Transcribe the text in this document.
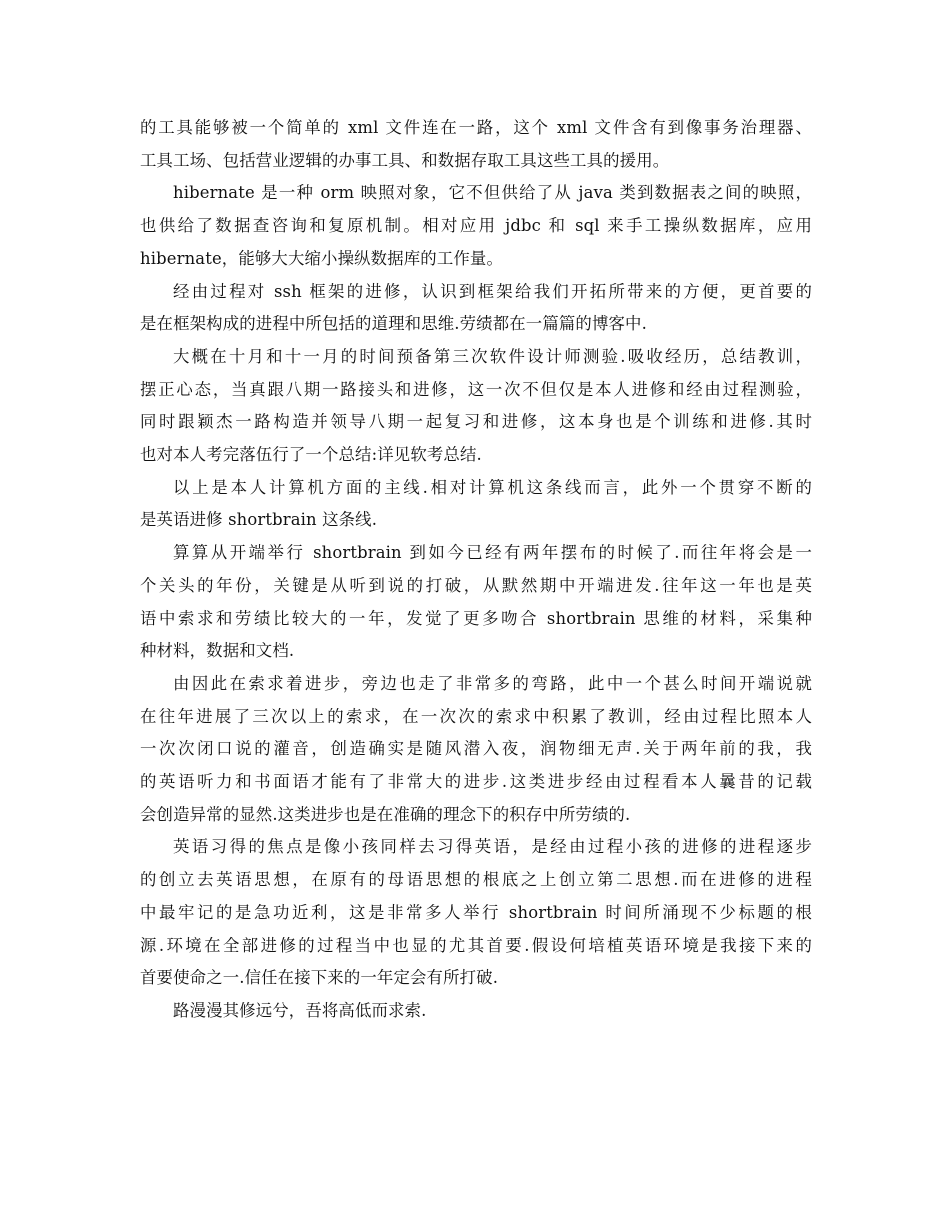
的工具能够被一个简单的 xml 文件连在一路，这个 xml 文件含有到像事务治理器、
工具工场、包括营业逻辑的办事工具、和数据存取工具这些工具的援用。
hibernate 是一种 orm 映照对象，它不但供给了从 java 类到数据表之间的映照，
也供给了数据查咨询和复原机制。相对应用 jdbc 和 sql 来手工操纵数据库，应用
hibernate，能够大大缩小操纵数据库的工作量。
经由过程对 ssh 框架的进修，认识到框架给我们开拓所带来的方便，更首要的
是在框架构成的进程中所包括的道理和思维.劳绩都在一篇篇的博客中.
大概在十月和十一月的时间预备第三次软件设计师测验.吸收经历，总结教训，
摆正心态，当真跟八期一路接头和进修，这一次不但仅是本人进修和经由过程测验，
同时跟颖杰一路构造并领导八期一起复习和进修，这本身也是个训练和进修.其时
也对本人考完落伍行了一个总结:详见软考总结.
以上是本人计算机方面的主线.相对计算机这条线而言，此外一个贯穿不断的
是英语进修 shortbrain 这条线.
算算从开端举行 shortbrain 到如今已经有两年摆布的时候了.而往年将会是一
个关头的年份，关键是从听到说的打破，从默然期中开端进发.往年这一年也是英
语中索求和劳绩比较大的一年，发觉了更多吻合 shortbrain 思维的材料，采集种
种材料，数据和文档.
由因此在索求着进步，旁边也走了非常多的弯路，此中一个甚么时间开端说就
在往年进展了三次以上的索求，在一次次的索求中积累了教训，经由过程比照本人
一次次闭口说的灌音，创造确实是随风潜入夜，润物细无声.关于两年前的我，我
的英语听力和书面语才能有了非常大的进步.这类进步经由过程看本人曩昔的记载
会创造异常的显然.这类进步也是在准确的理念下的积存中所劳绩的.
英语习得的焦点是像小孩同样去习得英语，是经由过程小孩的进修的进程逐步
的创立去英语思想，在原有的母语思想的根底之上创立第二思想.而在进修的进程
中最牢记的是急功近利，这是非常多人举行 shortbrain 时间所涌现不少标题的根
源.环境在全部进修的过程当中也显的尤其首要.假设何培植英语环境是我接下来的
首要使命之一.信任在接下来的一年定会有所打破.
路漫漫其修远兮，吾将高低而求索.
